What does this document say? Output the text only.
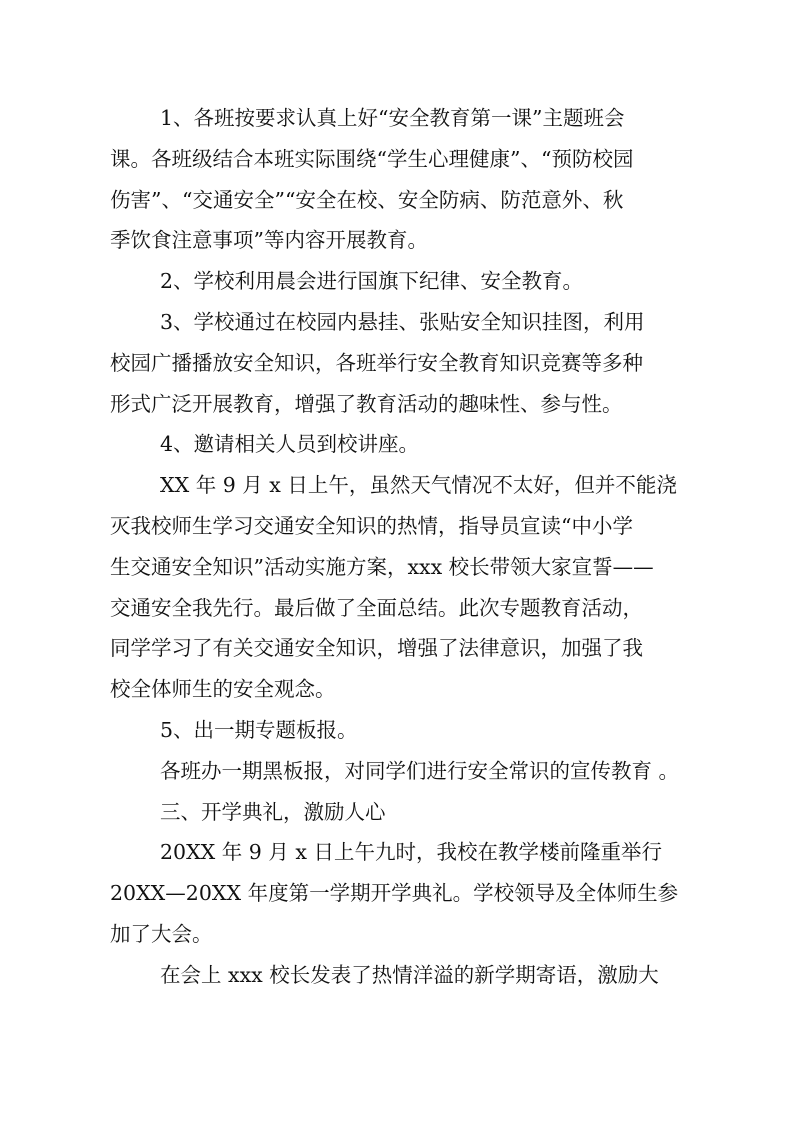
1、各班按要求认真上好“安全教育第一课”主题班会
课。各班级结合本班实际围绕“学生心理健康”、“预防校园
伤害”、“交通安全”“安全在校、安全防病、防范意外、秋
季饮食注意事项”等内容开展教育。

2、学校利用晨会进行国旗下纪律、安全教育。

3、学校通过在校园内悬挂、张贴安全知识挂图，利用
校园广播播放安全知识，各班举行安全教育知识竞赛等多种
形式广泛开展教育，增强了教育活动的趣味性、参与性。

4、邀请相关人员到校讲座。

XX 年 9 月 x 日上午，虽然天气情况不太好，但并不能浇
灭我校师生学习交通安全知识的热情，指导员宣读“中小学
生交通安全知识”活动实施方案，xxx 校长带领大家宣誓——
交通安全我先行。最后做了全面总结。此次专题教育活动，
同学学习了有关交通安全知识，增强了法律意识，加强了我
校全体师生的安全观念。

5、出一期专题板报。

各班办一期黑板报，对同学们进行安全常识的宣传教育 。

三、开学典礼，激励人心

20XX 年 9 月 x 日上午九时，我校在教学楼前隆重举行
20XX—20XX 年度第一学期开学典礼。学校领导及全体师生参
加了大会。

在会上 xxx 校长发表了热情洋溢的新学期寄语，激励大
